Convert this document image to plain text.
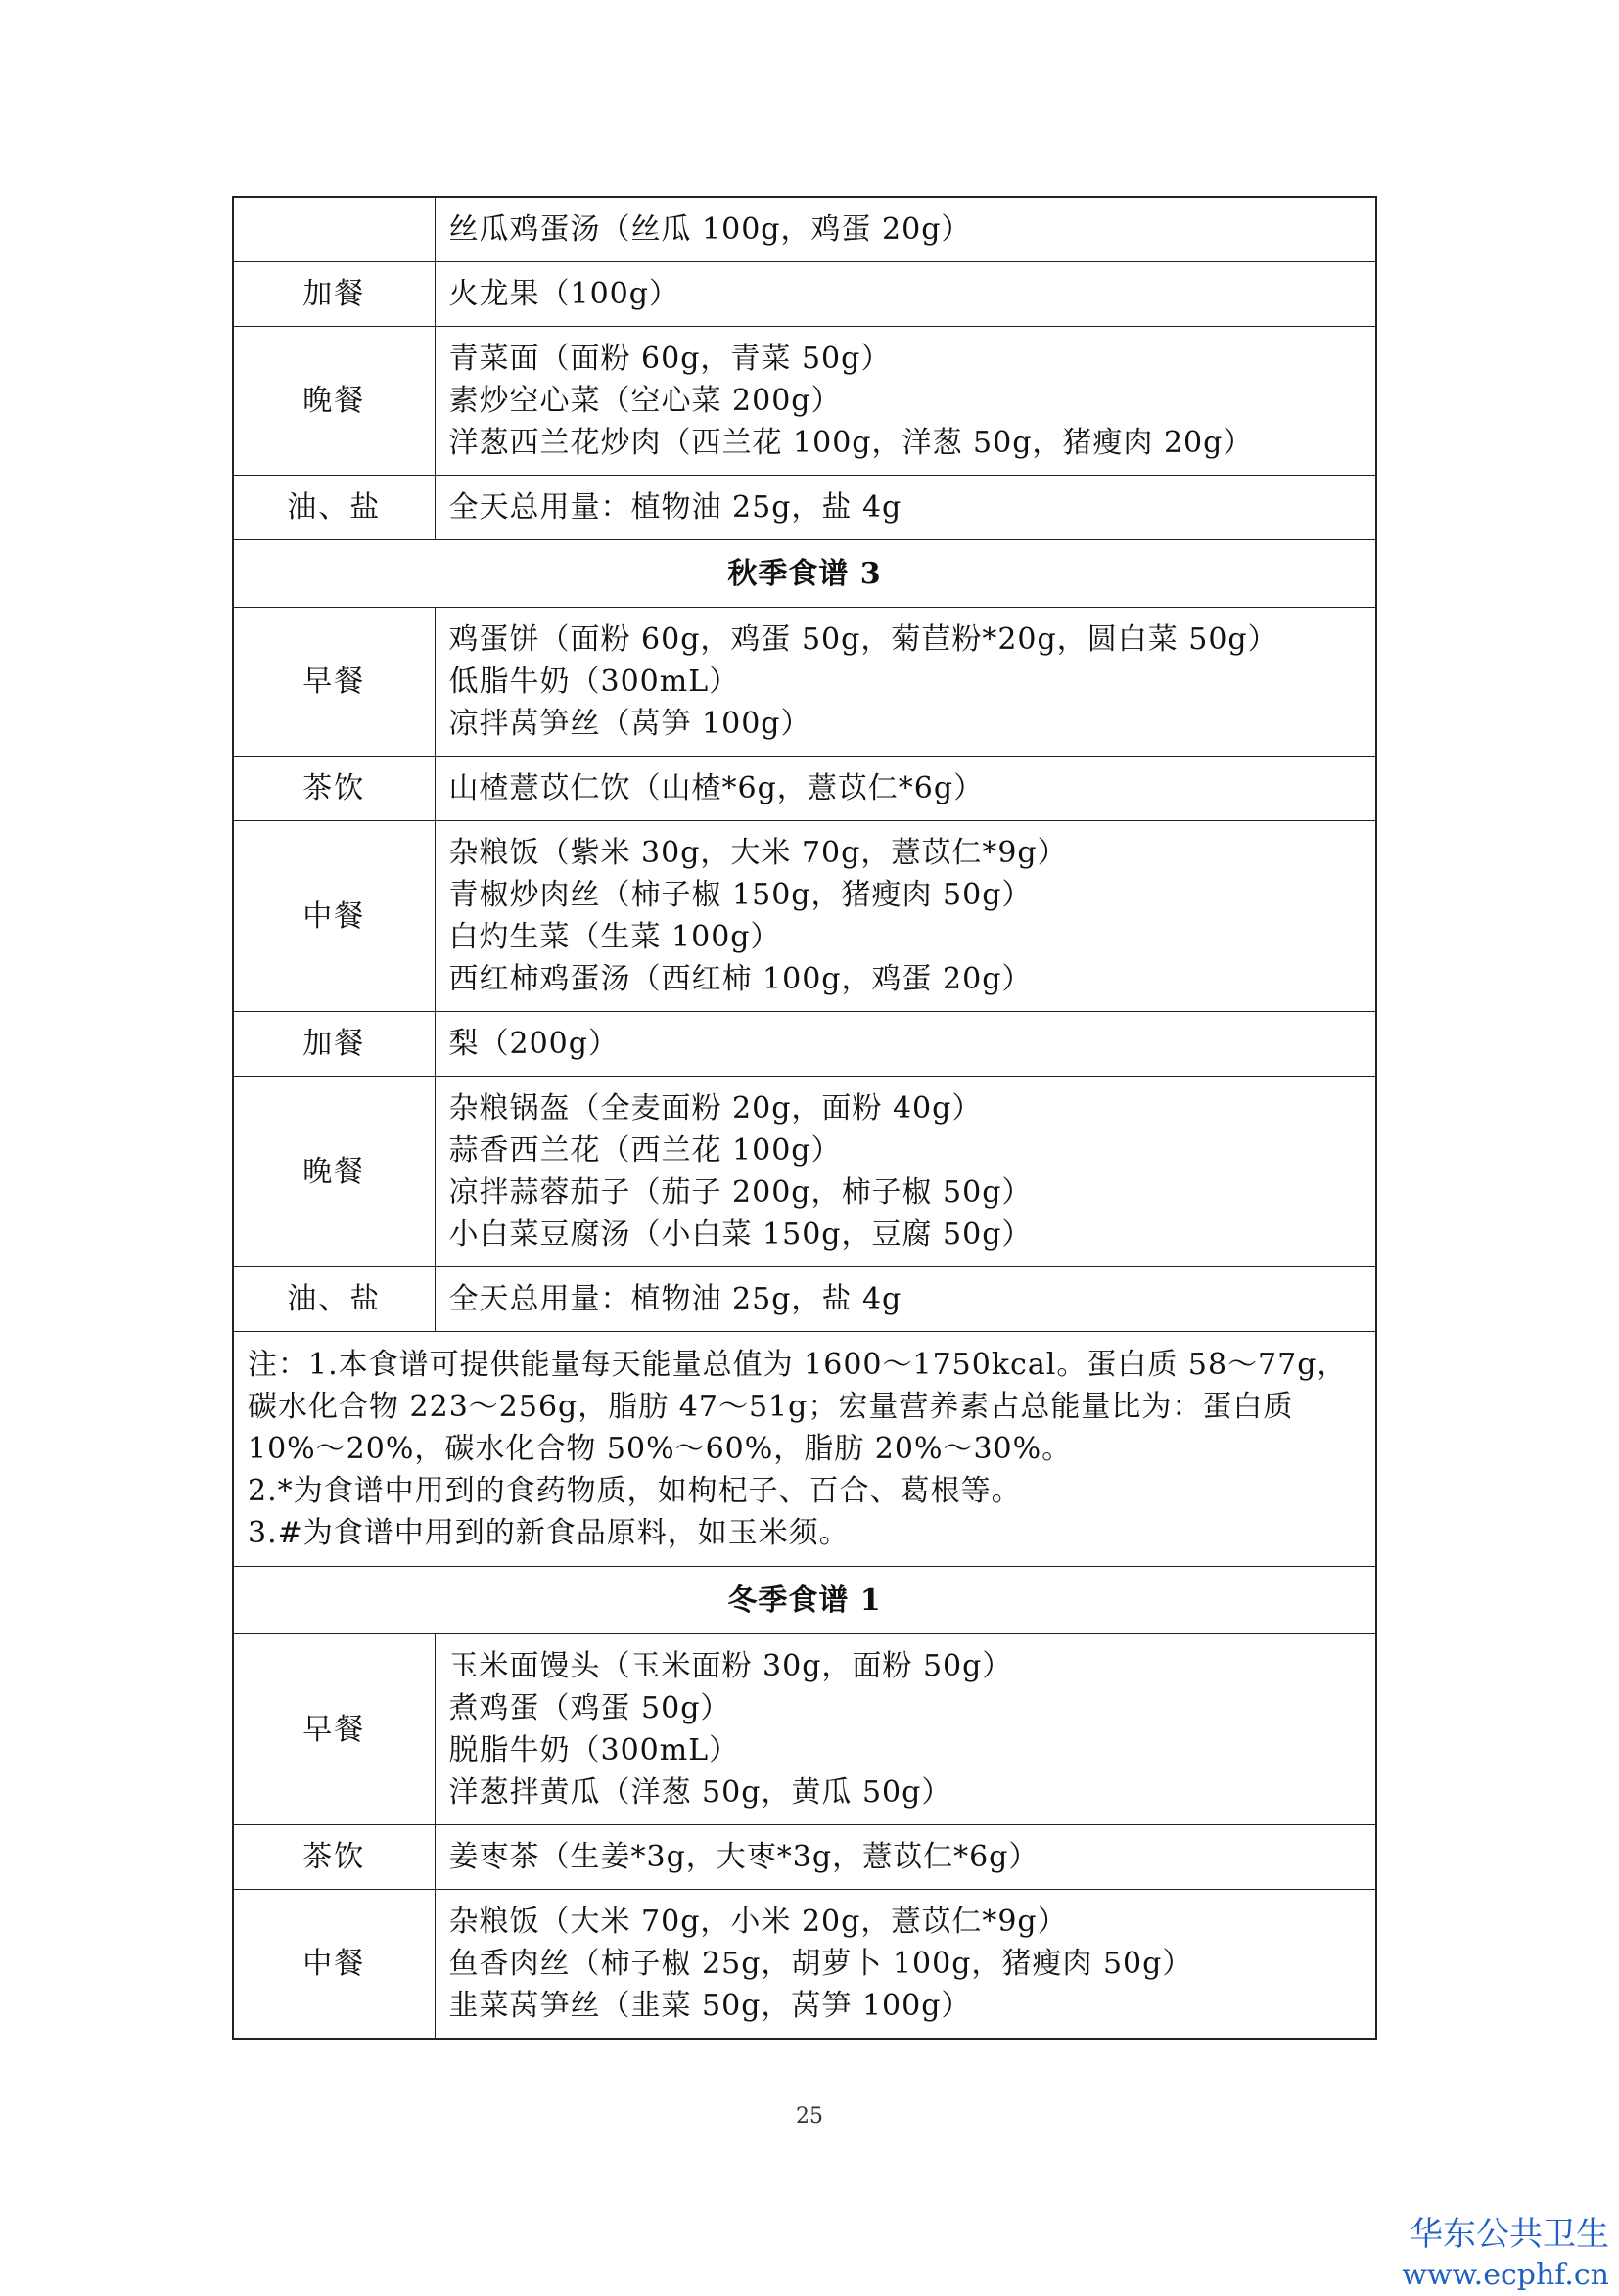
	丝瓜鸡蛋汤（丝瓜 100g，鸡蛋 20g）

加餐	火龙果（100g）

晚餐	青菜面（面粉 60g，青菜 50g）
素炒空心菜（空心菜 200g）
洋葱西兰花炒肉（西兰花 100g，洋葱 50g，猪瘦肉 20g）

油、盐	全天总用量：植物油 25g，盐 4g

秋季食谱 3	
早餐	鸡蛋饼（面粉 60g，鸡蛋 50g，菊苣粉*20g，圆白菜 50g）
低脂牛奶（300mL）
凉拌莴笋丝（莴笋 100g）

茶饮	山楂薏苡仁饮（山楂*6g，薏苡仁*6g）

中餐	杂粮饭（紫米 30g，大米 70g，薏苡仁*9g）
青椒炒肉丝（柿子椒 150g，猪瘦肉 50g）
白灼生菜（生菜 100g）
西红柿鸡蛋汤（西红柿 100g，鸡蛋 20g）

加餐	梨（200g）

晚餐	杂粮锅盔（全麦面粉 20g，面粉 40g）
蒜香西兰花（西兰花 100g）
凉拌蒜蓉茄子（茄子 200g，柿子椒 50g）
小白菜豆腐汤（小白菜 150g，豆腐 50g）

油、盐	全天总用量：植物油 25g，盐 4g

注：1.本食谱可提供能量每天能量总值为 1600～1750kcal。蛋白质 58～77g，碳水化合物 223～256g，脂肪 47～51g；宏量营养素占总能量比为：蛋白质 10%～20%，碳水化合物 50%～60%，脂肪 20%～30%。
2.*为食谱中用到的食药物质，如枸杞子、百合、葛根等。
3.#为食谱中用到的新食品原料，如玉米须。	

冬季食谱 1	
早餐	玉米面馒头（玉米面粉 30g，面粉 50g）
煮鸡蛋（鸡蛋 50g）
脱脂牛奶（300mL）
洋葱拌黄瓜（洋葱 50g，黄瓜 50g）

茶饮	姜枣茶（生姜*3g，大枣*3g，薏苡仁*6g）

中餐	杂粮饭（大米 70g，小米 20g，薏苡仁*9g）
鱼香肉丝（柿子椒 25g，胡萝卜 100g，猪瘦肉 50g）
韭菜莴笋丝（韭菜 50g，莴笋 100g）
25
华东公共卫生
www.ecphf.cn
